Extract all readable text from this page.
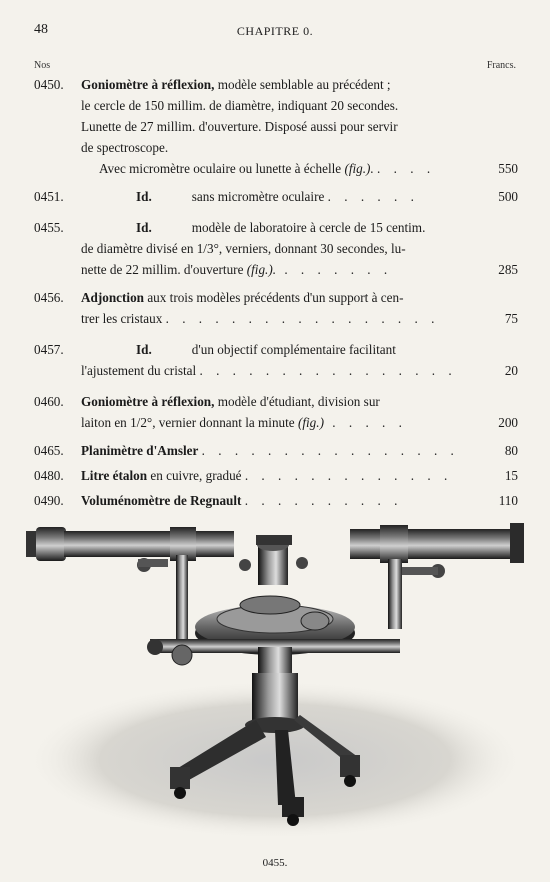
48	CHAPITRE 0.
Nos	Francs.
0450.	Goniomètre à réflexion, modèle semblable au précédent ;
le cercle de 150 millim. de diamètre, indiquant 20 secondes.
Lunette de 27 millim. d'ouverture. Disposé aussi pour servir
de spectroscope.
Avec micromètre oculaire ou lunette à échelle (fig.). . . . .	550
0451.	Id.	sans micromètre oculaire . . . . . .	500
0455.	Id.	modèle de laboratoire à cercle de 15 centim.
de diamètre divisé en 1/3°, verniers, donnant 30 secondes, lu-
nette de 22 millim. d'ouverture (fig.). . . . . . . .	285
0456.	Adjonction aux trois modèles précédents d'un support à cen-
trer les cristaux . . . . . . . . . . . . . . . . .	75
0457.	Id.	d'un objectif complémentaire facilitant
l'ajustement du cristal . . . . . . . . . . . . . . . .	20
0460.	Goniomètre à réflexion, modèle d'étudiant, division sur
laiton en 1/2°, vernier donnant la minute (fig.) . . . . .	200
0465.	Planimètre d'Amsler . . . . . . . . . . . . . . . .	80
0480.	Litre étalon en cuivre, gradué . . . . . . . . . . . . .	15
0490.	Voluménomètre de Regnault . . . . . . . . . .	110
0455.
